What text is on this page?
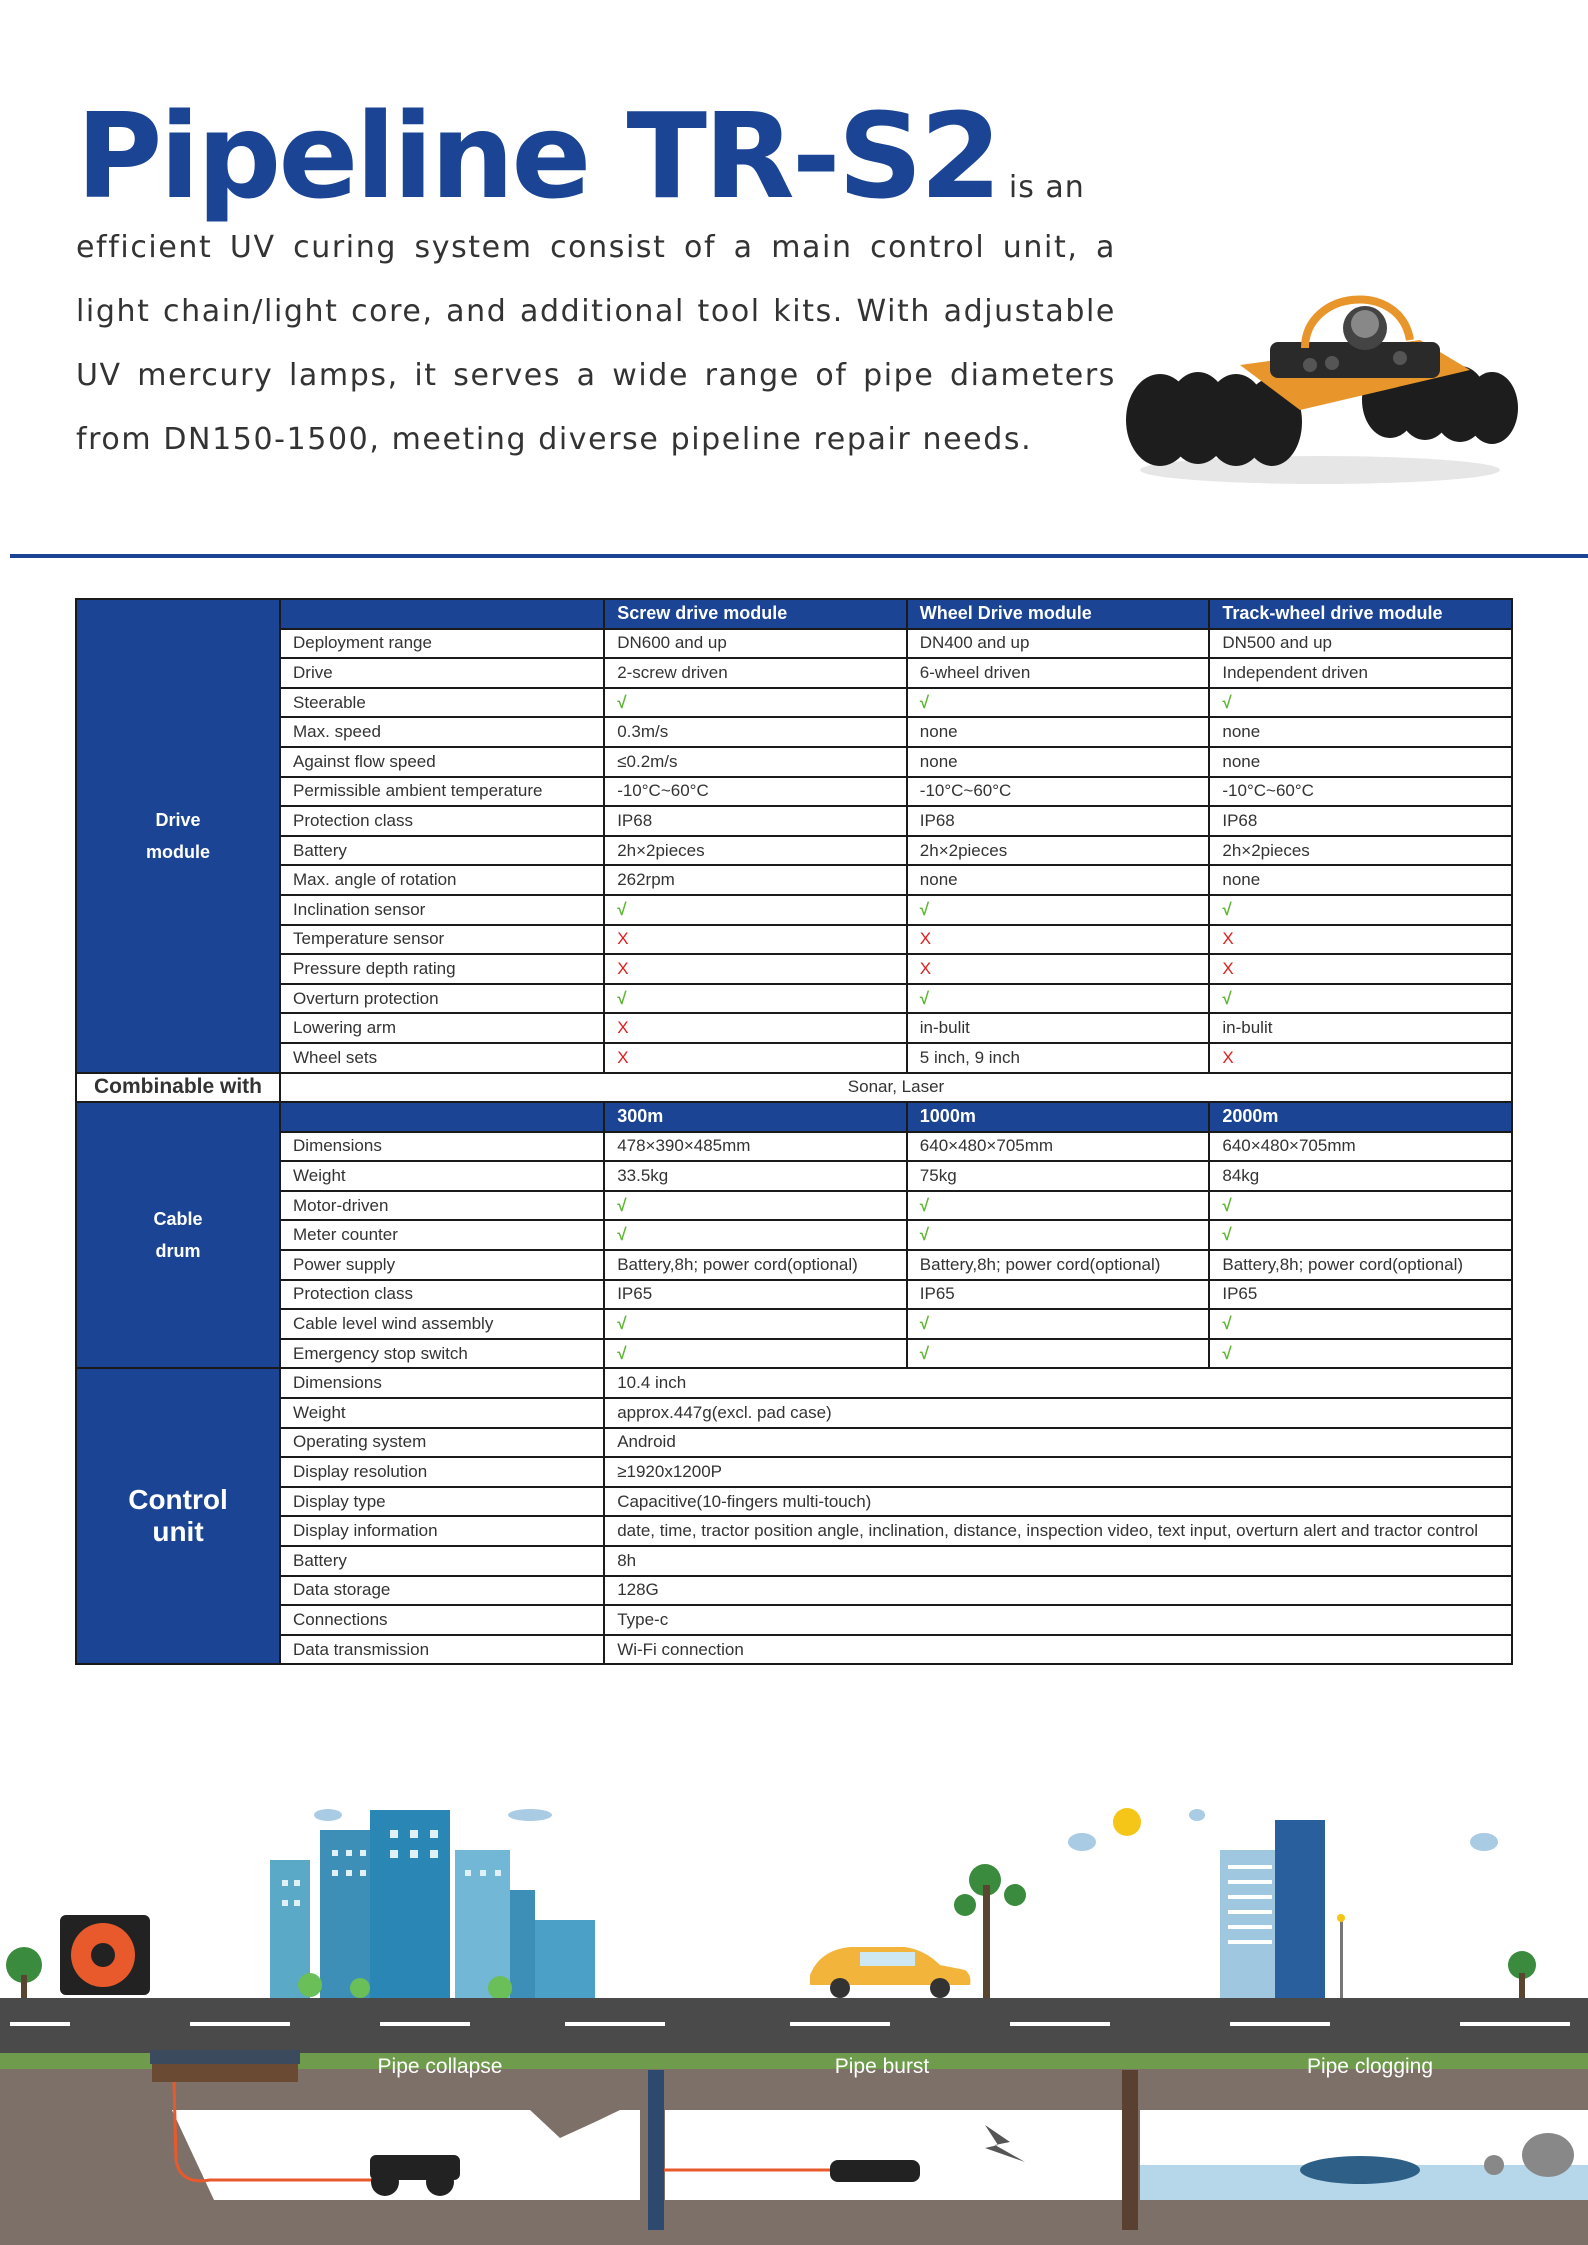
Pipeline TR-S2 is an
efficient UV curing system consist of a main control unit, a light chain/light core, and additional tool kits. With adjustable UV mercury lamps, it serves a wide range of pipe diameters from DN150-1500, meeting diverse pipeline repair needs.
Drive
module		Screw drive module	Wheel Drive module	Track-wheel drive module
	Deployment range	DN600 and up	DN400 and up	DN500 and up
	Drive	2-screw driven	6-wheel driven	Independent driven
	Steerable	√	√	√
	Max. speed	0.3m/s	none	none
	Against flow speed	≤0.2m/s	none	none
	Permissible ambient temperature	-10°C~60°C	-10°C~60°C	-10°C~60°C
	Protection class	IP68	IP68	IP68
	Battery	2h×2pieces	2h×2pieces	2h×2pieces
	Max. angle of rotation	262rpm	none	none
	Inclination sensor	√	√	√
	Temperature sensor	X	X	X
	Pressure depth rating	X	X	X
	Overturn protection	√	√	√
	Lowering arm	X	in-bulit	in-bulit
	Wheel sets	X	5 inch, 9 inch	X
Combinable with	Sonar, Laser			

Cable
drum		300m	1000m	2000m
	Dimensions	478×390×485mm	640×480×705mm	640×480×705mm
	Weight	33.5kg	75kg	84kg
	Motor-driven	√	√	√
	Meter counter	√	√	√
	Power supply	Battery,8h; power cord(optional)	Battery,8h; power cord(optional)	Battery,8h; power cord(optional)
	Protection class	IP65	IP65	IP65
	Cable level wind assembly	√	√	√
	Emergency stop switch	√	√	√

Control
unit	Dimensions	10.4 inch		
	Weight	approx.447g(excl. pad case)		
	Operating system	Android		
	Display resolution	≥1920x1200P		
	Display type	Capacitive(10-fingers multi-touch)		
	Display information	date, time, tractor position angle, inclination, distance, inspection video, text input, overturn alert and tractor control		
	Battery	8h		
	Data storage	128G		
	Connections	Type-c		
	Data transmission	Wi-Fi connection		
Pipe collapse	Pipe burst	Pipe clogging
